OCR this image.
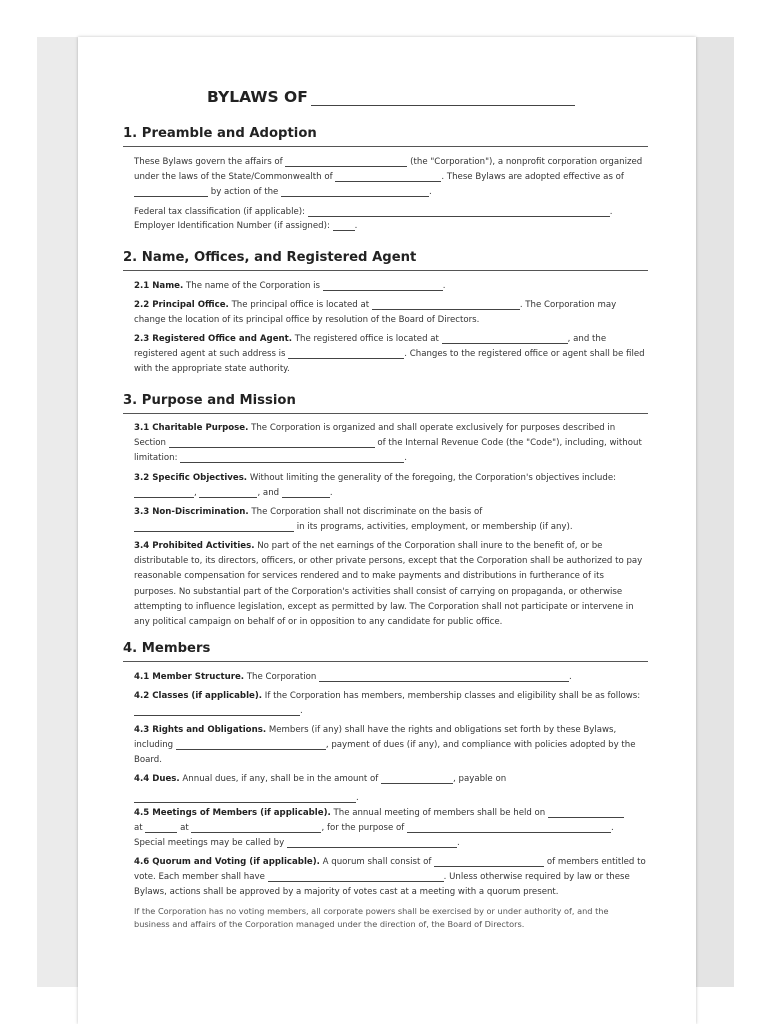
BYLAWS OF
1. Preamble and Adoption

These Bylaws govern the affairs of	(the "Corporation"), a nonprofit corporation organized under the laws of the State/Commonwealth of	. These Bylaws are adopted effective as of  by action of the	.

Federal tax classification (if applicable):	.
Employer Identification Number (if assigned):	.

2. Name, Offices, and Registered Agent

2.1 Name. The name of the Corporation is	.

2.2 Principal Office. The principal office is located at	. The Corporation may change the location of its principal office by resolution of the Board of Directors.

2.3 Registered Office and Agent. The registered office is located at	, and the registered agent at such address is	. Changes to the registered office or agent shall be filed with the appropriate state authority.

3. Purpose and Mission

3.1 Charitable Purpose. The Corporation is organized and shall operate exclusively for purposes described in Section	of the Internal Revenue Code (the "Code"), including, without limitation:	.

3.2 Specific Objectives. Without limiting the generality of the foregoing, the Corporation's objectives include:
,	, and	.

3.3 Non-Discrimination. The Corporation shall not discriminate on the basis of
in its programs, activities, employment, or membership (if any).

3.4 Prohibited Activities. No part of the net earnings of the Corporation shall inure to the benefit of, or be distributable to, its directors, officers, or other private persons, except that the Corporation shall be authorized to pay reasonable compensation for services rendered and to make payments and distributions in furtherance of its purposes. No substantial part of the Corporation's activities shall consist of carrying on propaganda, or otherwise attempting to influence legislation, except as permitted by law. The Corporation shall not participate or intervene in any political campaign on behalf of or in opposition to any candidate for public office.

4. Members

4.1 Member Structure. The Corporation	.

4.2 Classes (if applicable). If the Corporation has members, membership classes and eligibility shall be as follows: .

4.3 Rights and Obligations. Members (if any) shall have the rights and obligations set forth by these Bylaws, including	, payment of dues (if any), and compliance with policies adopted by the Board.

4.4 Dues. Annual dues, if any, shall be in the amount of	, payable on
.

4.5 Meetings of Members (if applicable). The annual meeting of members shall be held on
at	at	, for the purpose of	.
Special meetings may be called by	.

4.6 Quorum and Voting (if applicable). A quorum shall consist of	of members entitled to vote. Each member shall have	. Unless otherwise required by law or these Bylaws, actions shall be approved by a majority of votes cast at a meeting with a quorum present.

If the Corporation has no voting members, all corporate powers shall be exercised by or under authority of, and the business and affairs of the Corporation managed under the direction of, the Board of Directors.
